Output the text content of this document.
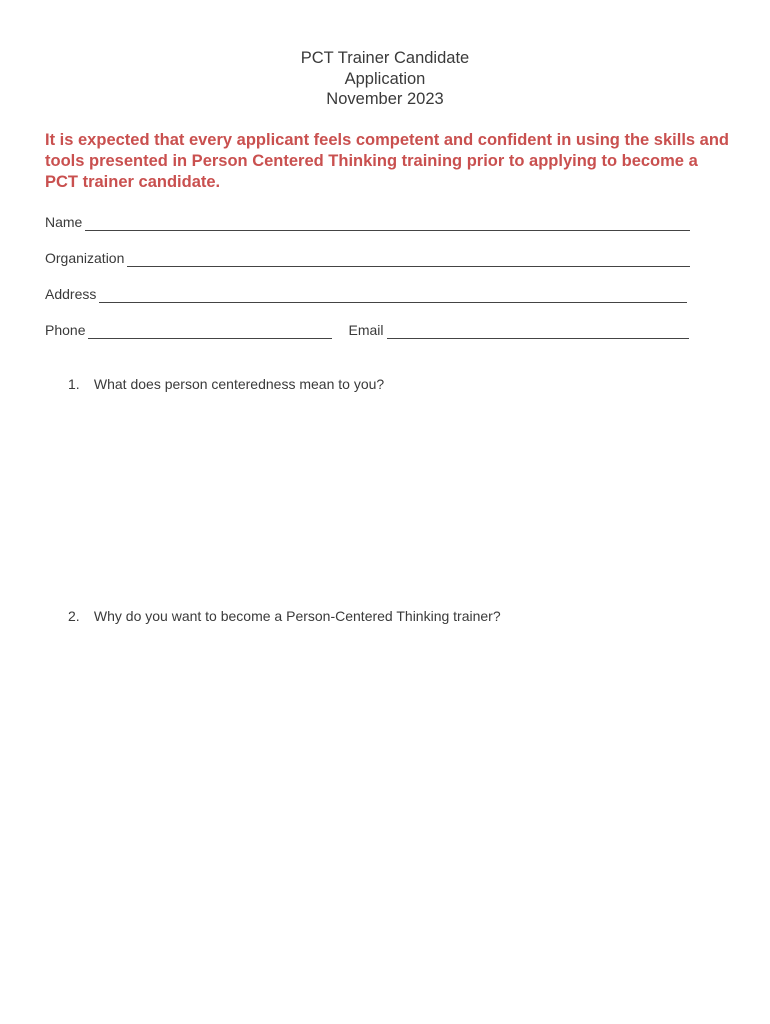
PCT Trainer Candidate
Application
November 2023
It is expected that every applicant feels competent and confident in using the skills and tools presented in Person Centered Thinking training prior to applying to become a PCT trainer candidate.
Name
Organization
Address
Phone	Email
1. What does person centeredness mean to you?
2. Why do you want to become a Person-Centered Thinking trainer?
